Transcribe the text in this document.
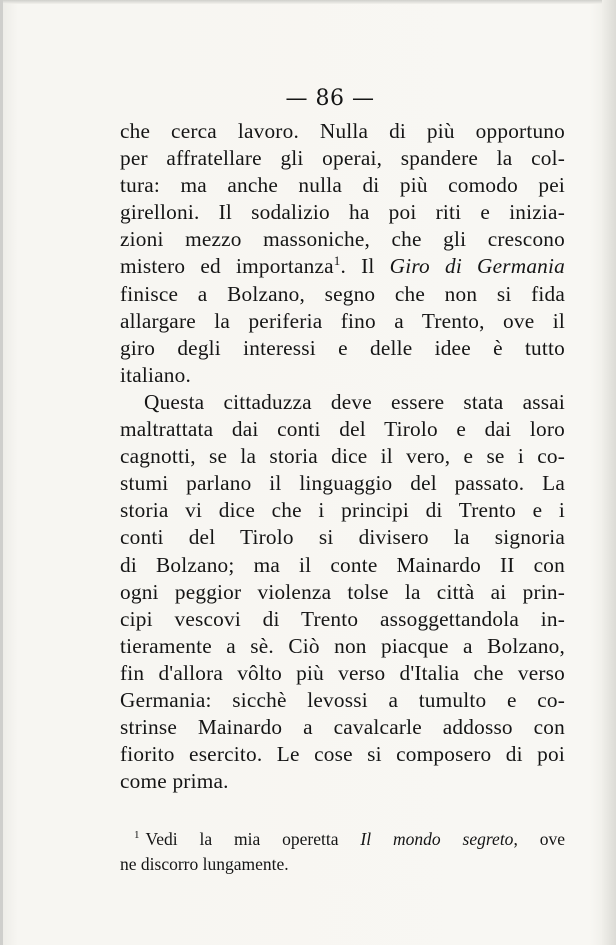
— 86 —
che cerca lavoro. Nulla di più opportuno
per affratellare gli operai, spandere la col-
tura: ma anche nulla di più comodo pei
girelloni. Il sodalizio ha poi riti e inizia-
zioni mezzo massoniche, che gli crescono
mistero ed importanza$^1$. Il Giro di Germania
finisce a Bolzano, segno che non si fida
allargare la periferia fino a Trento, ove il
giro degli interessi e delle idee è tutto
italiano.
Questa cittaduzza deve essere stata assai
maltrattata dai conti del Tirolo e dai loro
cagnotti, se la storia dice il vero, e se i co-
stumi parlano il linguaggio del passato. La
storia vi dice che i principi di Trento e i
conti del Tirolo si divisero la signoria
di Bolzano; ma il conte Mainardo II con
ogni peggior violenza tolse la città ai prin-
cipi vescovi di Trento assoggettandola in-
tieramente a sè. Ciò non piacque a Bolzano,
fin d'allora vôlto più verso d'Italia che verso
Germania: sicchè levossi a tumulto e co-
strinse Mainardo a cavalcarle addosso con
fiorito esercito. Le cose si composero di poi
come prima.
$^1$ Vedi la mia operetta Il mondo segreto, ove
ne discorro lungamente.
